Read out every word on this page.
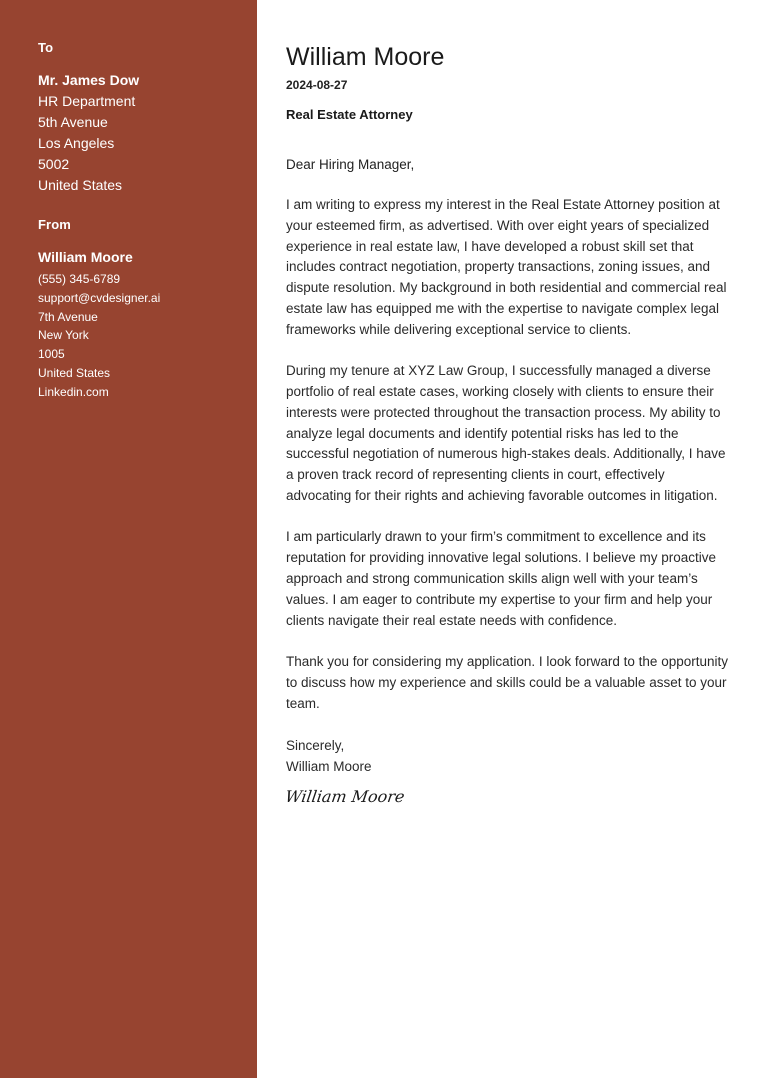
To
Mr. James Dow
HR Department
5th Avenue
Los Angeles
5002
United States
From
William Moore
(555) 345-6789
support@cvdesigner.ai
7th Avenue
New York
1005
United States
Linkedin.com
William Moore
2024-08-27
Real Estate Attorney
Dear Hiring Manager,

I am writing to express my interest in the Real Estate Attorney position at your esteemed firm, as advertised. With over eight years of specialized experience in real estate law, I have developed a robust skill set that includes contract negotiation, property transactions, zoning issues, and dispute resolution. My background in both residential and commercial real estate law has equipped me with the expertise to navigate complex legal frameworks while delivering exceptional service to clients.

During my tenure at XYZ Law Group, I successfully managed a diverse portfolio of real estate cases, working closely with clients to ensure their interests were protected throughout the transaction process. My ability to analyze legal documents and identify potential risks has led to the successful negotiation of numerous high-stakes deals. Additionally, I have a proven track record of representing clients in court, effectively advocating for their rights and achieving favorable outcomes in litigation.

I am particularly drawn to your firm’s commitment to excellence and its reputation for providing innovative legal solutions. I believe my proactive approach and strong communication skills align well with your team’s values. I am eager to contribute my expertise to your firm and help your clients navigate their real estate needs with confidence.

Thank you for considering my application. I look forward to the opportunity to discuss how my experience and skills could be a valuable asset to your team.

Sincerely,
William Moore
William Moore
